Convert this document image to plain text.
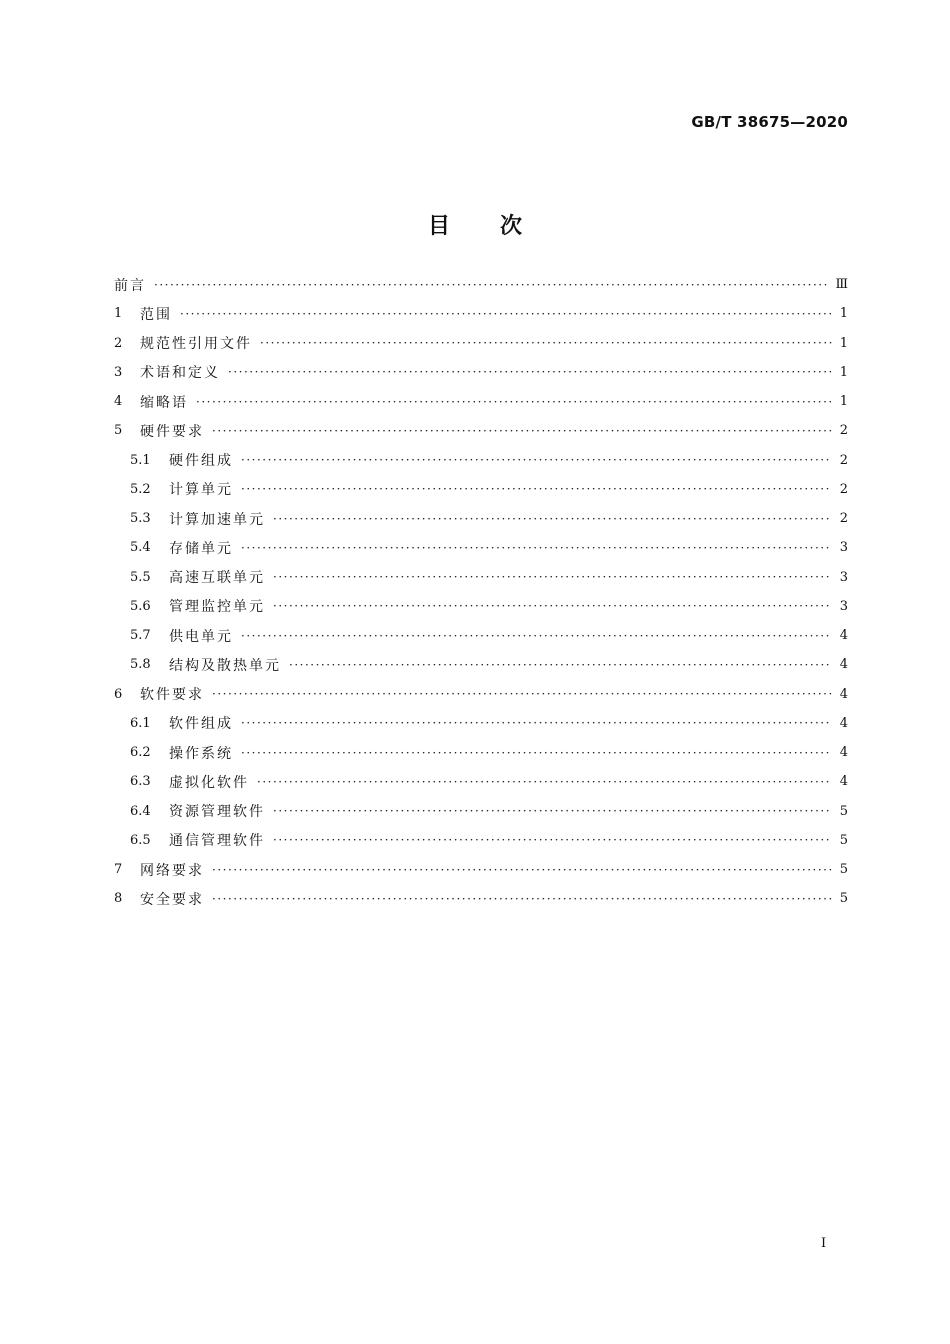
GB/T 38675—2020
目次
前言 ·····	Ⅲ
1	范围 ·····	1
2	规范性引用文件 ·····	1
3	术语和定义 ·····	1
4	缩略语 ·····	1
5	硬件要求 ·····	2
5.1	硬件组成 ·····	2
5.2	计算单元 ·····	2
5.3	计算加速单元 ·····	2
5.4	存储单元 ·····	3
5.5	高速互联单元 ·····	3
5.6	管理监控单元 ·····	3
5.7	供电单元 ·····	4
5.8	结构及散热单元 ·····	4
6	软件要求 ·····	4
6.1	软件组成 ·····	4
6.2	操作系统 ·····	4
6.3	虚拟化软件 ·····	4
6.4	资源管理软件 ·····	5
6.5	通信管理软件 ·····	5
7	网络要求 ·····	5
8	安全要求 ·····	5
I
